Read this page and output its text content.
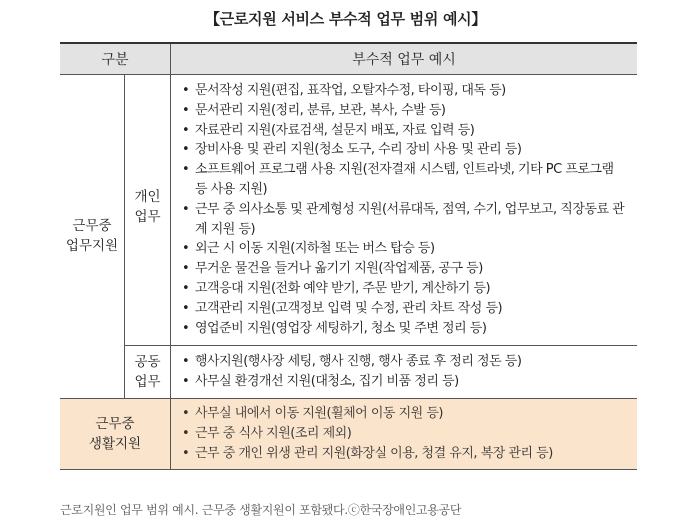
【근로지원 서비스 부수적 업무 범위 예시】
구분	부수적 업무 예시
근무중
업무지원
개인
업무
• 문서작성 지원(편집, 표작업, 오탈자수정, 타이핑, 대독 등)
• 문서관리 지원(정리, 분류, 보관, 복사, 수발 등)
• 자료관리 지원(자료검색, 설문지 배포, 자료 입력 등)
• 장비사용 및 관리 지원(청소 도구, 수리 장비 사용 및 관리 등)
• 소프트웨어 프로그램 사용 지원(전자결재 시스템, 인트라넷, 기타 PC 프로그램 등 사용 지원)
• 근무 중 의사소통 및 관계형성 지원(서류대독, 점역, 수기, 업무보고, 직장동료 관계 지원 등)
• 외근 시 이동 지원(지하철 또는 버스 탑승 등)
• 무거운 물건을 들거나 옮기기 지원(작업제품, 공구 등)
• 고객응대 지원(전화 예약 받기, 주문 받기, 계산하기 등)
• 고객관리 지원(고객정보 입력 및 수정, 관리 차트 작성 등)
• 영업준비 지원(영업장 세팅하기, 청소 및 주변 정리 등)
공동
업무
• 행사지원(행사장 세팅, 행사 진행, 행사 종료 후 정리 정돈 등)
• 사무실 환경개선 지원(대청소, 집기 비품 정리 등)
근무중
생활지원
• 사무실 내에서 이동 지원(휠체어 이동 지원 등)
• 근무 중 식사 지원(조리 제외)
• 근무 중 개인 위생 관리 지원(화장실 이용, 청결 유지, 복장 관리 등)
근로지원인 업무 범위 예시. 근무중 생활지원이 포함됐다.ⓒ한국장애인고용공단
